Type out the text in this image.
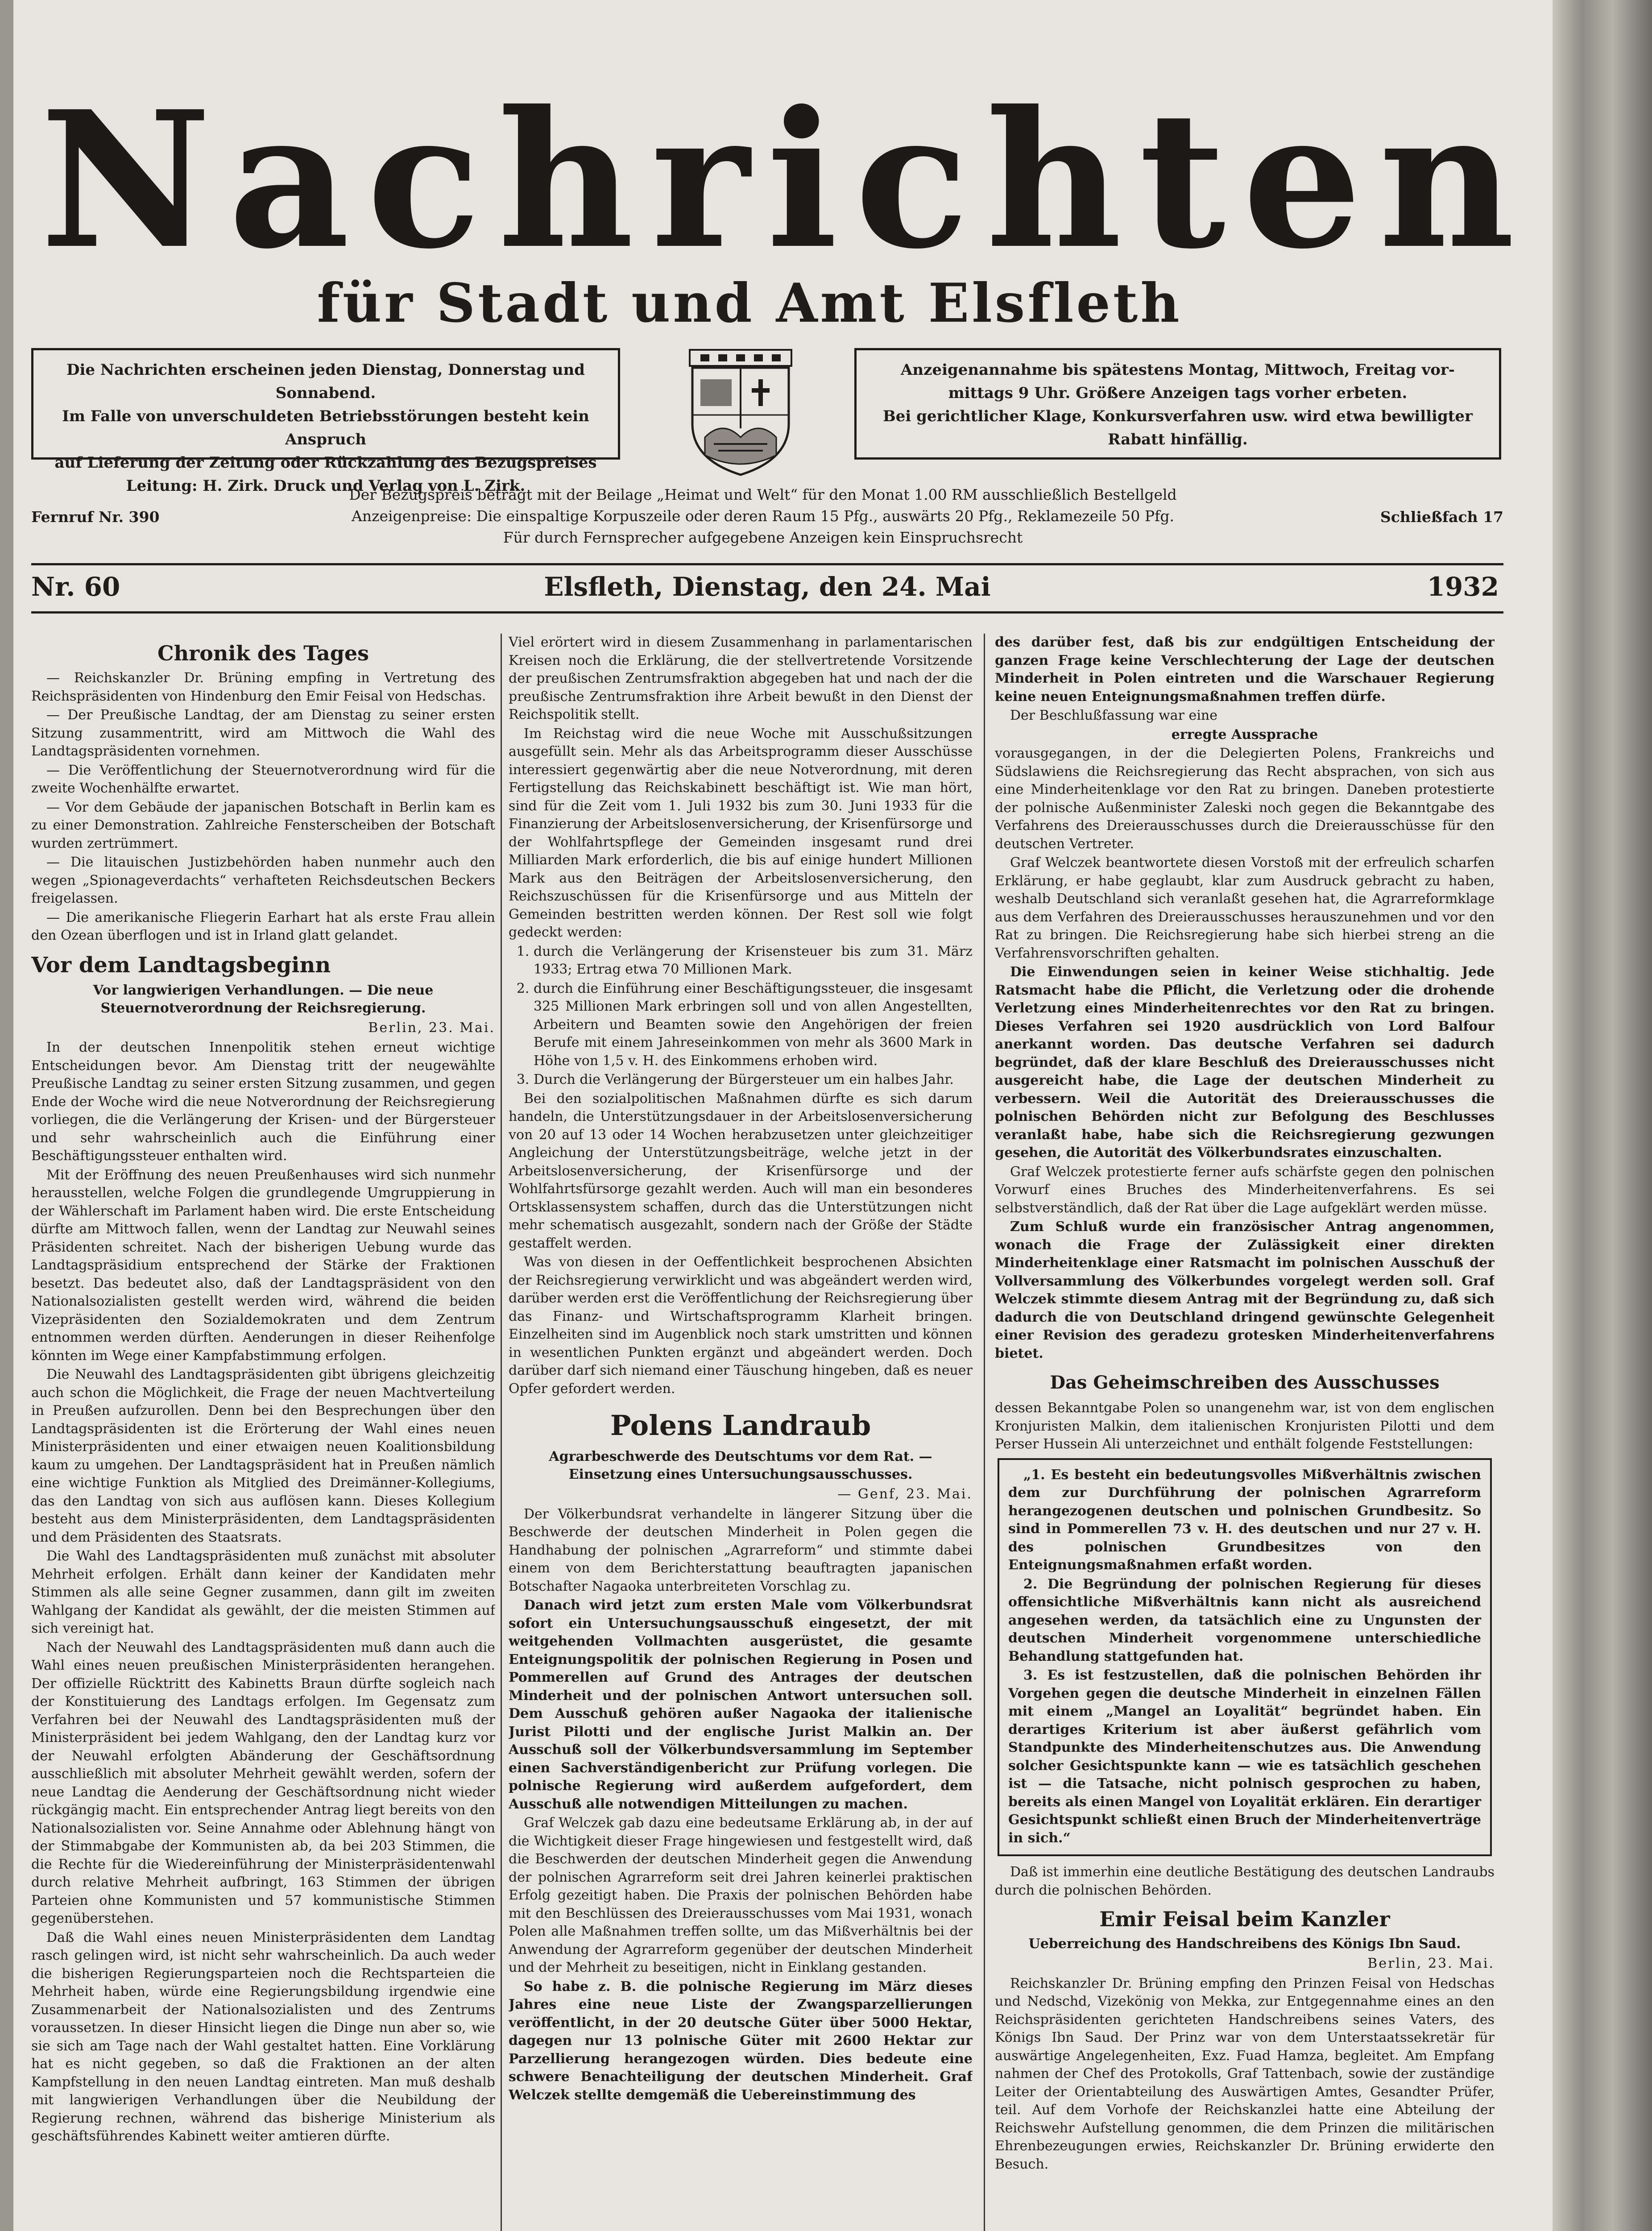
Nachrichten
für Stadt und Amt Elsfleth
Die Nachrichten erscheinen jeden Dienstag, Donnerstag und Sonnabend.
Im Falle von unverschuldeten Betriebsstörungen besteht kein Anspruch
auf Lieferung der Zeitung oder Rückzahlung des Bezugspreises
Leitung: H. Zirk. Druck und Verlag von L. Zirk.
Anzeigenannahme bis spätestens Montag, Mittwoch, Freitag vor-
mittags 9 Uhr. Größere Anzeigen tags vorher erbeten.
Bei gerichtlicher Klage, Konkursverfahren usw. wird etwa bewilligter
Rabatt hinfällig.
Der Bezugspreis beträgt mit der Beilage „Heimat und Welt“ für den Monat 1.00 RM ausschließlich Bestellgeld
Anzeigenpreise: Die einspaltige Korpuszeile oder deren Raum 15 Pfg., auswärts 20 Pfg., Reklamezeile 50 Pfg.
Für durch Fernsprecher aufgegebene Anzeigen kein Einspruchsrecht
Fernruf Nr. 390	Schließfach 17
Elsfleth, Dienstag, den 24. Mai
Nr. 60	1932
Chronik des Tages

— Reichskanzler Dr. Brüning empfing in Vertretung des Reichspräsidenten von Hindenburg den Emir Feisal von Hedschas.

— Der Preußische Landtag, der am Dienstag zu seiner ersten Sitzung zusammentritt, wird am Mittwoch die Wahl des Landtagspräsidenten vornehmen.

— Die Veröffentlichung der Steuernotverordnung wird für die zweite Wochenhälfte erwartet.

— Vor dem Gebäude der japanischen Botschaft in Berlin kam es zu einer Demonstration. Zahlreiche Fensterscheiben der Botschaft wurden zertrümmert.

— Die litauischen Justizbehörden haben nunmehr auch den wegen „Spionageverdachts“ verhafteten Reichsdeutschen Beckers freigelassen.

— Die amerikanische Fliegerin Earhart hat als erste Frau allein den Ozean überflogen und ist in Irland glatt gelandet.

Vor dem Landtagsbeginn
Vor langwierigen Verhandlungen. — Die neue Steuernotverordnung der Reichsregierung.
Berlin, 23. Mai.

In der deutschen Innenpolitik stehen erneut wichtige Entscheidungen bevor. Am Dienstag tritt der neugewählte Preußische Landtag zu seiner ersten Sitzung zusammen, und gegen Ende der Woche wird die neue Notverordnung der Reichsregierung vorliegen, die die Verlängerung der Krisen- und der Bürgersteuer und sehr wahrscheinlich auch die Einführung einer Beschäftigungssteuer enthalten wird.

Mit der Eröffnung des neuen Preußenhauses wird sich nunmehr herausstellen, welche Folgen die grundlegende Umgruppierung in der Wählerschaft im Parlament haben wird. Die erste Entscheidung dürfte am Mittwoch fallen, wenn der Landtag zur Neuwahl seines Präsidenten schreitet. Nach der bisherigen Uebung wurde das Landtagspräsidium entsprechend der Stärke der Fraktionen besetzt. Das bedeutet also, daß der Landtagspräsident von den Nationalsozialisten gestellt werden wird, während die beiden Vizepräsidenten den Sozialdemokraten und dem Zentrum entnommen werden dürften. Aenderungen in dieser Reihenfolge könnten im Wege einer Kampfabstimmung erfolgen.

Die Neuwahl des Landtagspräsidenten gibt übrigens gleichzeitig auch schon die Möglichkeit, die Frage der neuen Machtverteilung in Preußen aufzurollen. Denn bei den Besprechungen über den Landtagspräsidenten ist die Erörterung der Wahl eines neuen Ministerpräsidenten und einer etwaigen neuen Koalitionsbildung kaum zu umgehen. Der Landtagspräsident hat in Preußen nämlich eine wichtige Funktion als Mitglied des Dreimänner-Kollegiums, das den Landtag von sich aus auflösen kann. Dieses Kollegium besteht aus dem Ministerpräsidenten, dem Landtagspräsidenten und dem Präsidenten des Staatsrats.

Die Wahl des Landtagspräsidenten muß zunächst mit absoluter Mehrheit erfolgen. Erhält dann keiner der Kandidaten mehr Stimmen als alle seine Gegner zusammen, dann gilt im zweiten Wahlgang der Kandidat als gewählt, der die meisten Stimmen auf sich vereinigt hat.

Nach der Neuwahl des Landtagspräsidenten muß dann auch die Wahl eines neuen preußischen Ministerpräsidenten herangehen. Der offizielle Rücktritt des Kabinetts Braun dürfte sogleich nach der Konstituierung des Landtags erfolgen. Im Gegensatz zum Verfahren bei der Neuwahl des Landtagspräsidenten muß der Ministerpräsident bei jedem Wahlgang, den der Landtag kurz vor der Neuwahl erfolgten Abänderung der Geschäftsordnung ausschließlich mit absoluter Mehrheit gewählt werden, sofern der neue Landtag die Aenderung der Geschäftsordnung nicht wieder rückgängig macht. Ein entsprechender Antrag liegt bereits von den Nationalsozialisten vor. Seine Annahme oder Ablehnung hängt von der Stimmabgabe der Kommunisten ab, da bei 203 Stimmen, die die Rechte für die Wiedereinführung der Ministerpräsidentenwahl durch relative Mehrheit aufbringt, 163 Stimmen der übrigen Parteien ohne Kommunisten und 57 kommunistische Stimmen gegenüberstehen.

Daß die Wahl eines neuen Ministerpräsidenten dem Landtag rasch gelingen wird, ist nicht sehr wahrscheinlich. Da auch weder die bisherigen Regierungsparteien noch die Rechtsparteien die Mehrheit haben, würde eine Regierungsbildung irgendwie eine Zusammenarbeit der Nationalsozialisten und des Zentrums voraussetzen. In dieser Hinsicht liegen die Dinge nun aber so, wie sie sich am Tage nach der Wahl gestaltet hatten. Eine Vorklärung hat es nicht gegeben, so daß die Fraktionen an der alten Kampfstellung in den neuen Landtag eintreten. Man muß deshalb mit langwierigen Verhandlungen über die Neubildung der Regierung rechnen, während das bisherige Ministerium als geschäftsführendes Kabinett weiter amtieren dürfte.

Viel erörtert wird in diesem Zusammenhang in parlamentarischen Kreisen noch die Erklärung, die der stellvertretende Vorsitzende der preußischen Zentrumsfraktion abgegeben hat und nach der die preußische Zentrumsfraktion ihre Arbeit bewußt in den Dienst der Reichspolitik stellt.

Im Reichstag wird die neue Woche mit Ausschußsitzungen ausgefüllt sein. Mehr als das Arbeitsprogramm dieser Ausschüsse interessiert gegenwärtig aber die neue Notverordnung, mit deren Fertigstellung das Reichskabinett beschäftigt ist. Wie man hört, sind für die Zeit vom 1. Juli 1932 bis zum 30. Juni 1933 für die Finanzierung der Arbeitslosenversicherung, der Krisenfürsorge und der Wohlfahrtspflege der Gemeinden insgesamt rund drei Milliarden Mark erforderlich, die bis auf einige hundert Millionen Mark aus den Beiträgen der Arbeitslosenversicherung, den Reichszuschüssen für die Krisenfürsorge und aus Mitteln der Gemeinden bestritten werden können. Der Rest soll wie folgt gedeckt werden:

1. durch die Verlängerung der Krisensteuer bis zum 31. März 1933; Ertrag etwa 70 Millionen Mark.
2. durch die Einführung einer Beschäftigungssteuer, die insgesamt 325 Millionen Mark erbringen soll und von allen Angestellten, Arbeitern und Beamten sowie den Angehörigen der freien Berufe mit einem Jahreseinkommen von mehr als 3600 Mark in Höhe von 1,5 v. H. des Einkommens erhoben wird.
3. Durch die Verlängerung der Bürgersteuer um ein halbes Jahr.

Bei den sozialpolitischen Maßnahmen dürfte es sich darum handeln, die Unterstützungsdauer in der Arbeitslosenversicherung von 20 auf 13 oder 14 Wochen herabzusetzen unter gleichzeitiger Angleichung der Unterstützungsbeiträge, welche jetzt in der Arbeitslosenversicherung, der Krisenfürsorge und der Wohlfahrtsfürsorge gezahlt werden. Auch will man ein besonderes Ortsklassensystem schaffen, durch das die Unterstützungen nicht mehr schematisch ausgezahlt, sondern nach der Größe der Städte gestaffelt werden.

Was von diesen in der Oeffentlichkeit besprochenen Absichten der Reichsregierung verwirklicht und was abgeändert werden wird, darüber werden erst die Veröffentlichung der Reichsregierung über das Finanz- und Wirtschaftsprogramm Klarheit bringen. Einzelheiten sind im Augenblick noch stark umstritten und können in wesentlichen Punkten ergänzt und abgeändert werden. Doch darüber darf sich niemand einer Täuschung hingeben, daß es neuer Opfer gefordert werden.

Polens Landraub
Agrarbeschwerde des Deutschtums vor dem Rat. — Einsetzung eines Untersuchungsausschusses.
— Genf, 23. Mai.

Der Völkerbundsrat verhandelte in längerer Sitzung über die Beschwerde der deutschen Minderheit in Polen gegen die Handhabung der polnischen „Agrarreform“ und stimmte dabei einem von dem Berichterstattung beauftragten japanischen Botschafter Nagaoka unterbreiteten Vorschlag zu.

Danach wird jetzt zum ersten Male vom Völkerbundsrat sofort ein Untersuchungsausschuß eingesetzt, der mit weitgehenden Vollmachten ausgerüstet, die gesamte Enteignungspolitik der polnischen Regierung in Posen und Pommerellen auf Grund des Antrages der deutschen Minderheit und der polnischen Antwort untersuchen soll. Dem Ausschuß gehören außer Nagaoka der italienische Jurist Pilotti und der englische Jurist Malkin an. Der Ausschuß soll der Völkerbundsversammlung im September einen Sachverständigenbericht zur Prüfung vorlegen. Die polnische Regierung wird außerdem aufgefordert, dem Ausschuß alle notwendigen Mitteilungen zu machen.

Graf Welczek gab dazu eine bedeutsame Erklärung ab, in der auf die Wichtigkeit dieser Frage hingewiesen und festgestellt wird, daß die Beschwerden der deutschen Minderheit gegen die Anwendung der polnischen Agrarreform seit drei Jahren keinerlei praktischen Erfolg gezeitigt haben. Die Praxis der polnischen Behörden habe mit den Beschlüssen des Dreierausschusses vom Mai 1931, wonach Polen alle Maßnahmen treffen sollte, um das Mißverhältnis bei der Anwendung der Agrarreform gegenüber der deutschen Minderheit und der Mehrheit zu beseitigen, nicht in Einklang gestanden.

So habe z. B. die polnische Regierung im März dieses Jahres eine neue Liste der Zwangsparzellierungen veröffentlicht, in der 20 deutsche Güter über 5000 Hektar, dagegen nur 13 polnische Güter mit 2600 Hektar zur Parzellierung herangezogen würden. Dies bedeute eine schwere Benachteiligung der deutschen Minderheit. Graf Welczek stellte demgemäß die Uebereinstimmung des

des darüber fest, daß bis zur endgültigen Entscheidung der ganzen Frage keine Verschlechterung der Lage der deutschen Minderheit in Polen eintreten und die Warschauer Regierung keine neuen Enteignungsmaßnahmen treffen dürfe.

Der Beschlußfassung war eine

erregte Aussprache

vorausgegangen, in der die Delegierten Polens, Frankreichs und Südslawiens die Reichsregierung das Recht absprachen, von sich aus eine Minderheitenklage vor den Rat zu bringen. Daneben protestierte der polnische Außenminister Zaleski noch gegen die Bekanntgabe des Verfahrens des Dreierausschusses durch die Dreierausschüsse für den deutschen Vertreter.

Graf Welczek beantwortete diesen Vorstoß mit der erfreulich scharfen Erklärung, er habe geglaubt, klar zum Ausdruck gebracht zu haben, weshalb Deutschland sich veranlaßt gesehen hat, die Agrarreformklage aus dem Verfahren des Dreierausschusses herauszunehmen und vor den Rat zu bringen. Die Reichsregierung habe sich hierbei streng an die Verfahrensvorschriften gehalten.

Die Einwendungen seien in keiner Weise stichhaltig. Jede Ratsmacht habe die Pflicht, die Verletzung oder die drohende Verletzung eines Minderheitenrechtes vor den Rat zu bringen. Dieses Verfahren sei 1920 ausdrücklich von Lord Balfour anerkannt worden. Das deutsche Verfahren sei dadurch begründet, daß der klare Beschluß des Dreierausschusses nicht ausgereicht habe, die Lage der deutschen Minderheit zu verbessern. Weil die Autorität des Dreierausschusses die polnischen Behörden nicht zur Befolgung des Beschlusses veranlaßt habe, habe sich die Reichsregierung gezwungen gesehen, die Autorität des Völkerbundsrates einzuschalten.

Graf Welczek protestierte ferner aufs schärfste gegen den polnischen Vorwurf eines Bruches des Minderheitenverfahrens. Es sei selbstverständlich, daß der Rat über die Lage aufgeklärt werden müsse.

Zum Schluß wurde ein französischer Antrag angenommen, wonach die Frage der Zulässigkeit einer direkten Minderheitenklage einer Ratsmacht im polnischen Ausschuß der Vollversammlung des Völkerbundes vorgelegt werden soll. Graf Welczek stimmte diesem Antrag mit der Begründung zu, daß sich dadurch die von Deutschland dringend gewünschte Gelegenheit einer Revision des geradezu grotesken Minderheitenverfahrens bietet.

Das Geheimschreiben des Ausschusses

dessen Bekanntgabe Polen so unangenehm war, ist von dem englischen Kronjuristen Malkin, dem italienischen Kronjuristen Pilotti und dem Perser Hussein Ali unterzeichnet und enthält folgende Feststellungen:

„1. Es besteht ein bedeutungsvolles Mißverhältnis zwischen dem zur Durchführung der polnischen Agrarreform herangezogenen deutschen und polnischen Grundbesitz. So sind in Pommerellen 73 v. H. des deutschen und nur 27 v. H. des polnischen Grundbesitzes von den Enteignungsmaßnahmen erfaßt worden.

2. Die Begründung der polnischen Regierung für dieses offensichtliche Mißverhältnis kann nicht als ausreichend angesehen werden, da tatsächlich eine zu Ungunsten der deutschen Minderheit vorgenommene unterschiedliche Behandlung stattgefunden hat.

3. Es ist festzustellen, daß die polnischen Behörden ihr Vorgehen gegen die deutsche Minderheit in einzelnen Fällen mit einem „Mangel an Loyalität“ begründet haben. Ein derartiges Kriterium ist aber äußerst gefährlich vom Standpunkte des Minderheitenschutzes aus. Die Anwendung solcher Gesichtspunkte kann — wie es tatsächlich geschehen ist — die Tatsache, nicht polnisch gesprochen zu haben, bereits als einen Mangel von Loyalität erklären. Ein derartiger Gesichtspunkt schließt einen Bruch der Minderheitenverträge in sich.“

Daß ist immerhin eine deutliche Bestätigung des deutschen Landraubs durch die polnischen Behörden.

Emir Feisal beim Kanzler
Ueberreichung des Handschreibens des Königs Ibn Saud.
Berlin, 23. Mai.

Reichskanzler Dr. Brüning empfing den Prinzen Feisal von Hedschas und Nedschd, Vizekönig von Mekka, zur Entgegennahme eines an den Reichspräsidenten gerichteten Handschreibens seines Vaters, des Königs Ibn Saud. Der Prinz war von dem Unterstaatssekretär für auswärtige Angelegenheiten, Exz. Fuad Hamza, begleitet. Am Empfang nahmen der Chef des Protokolls, Graf Tattenbach, sowie der zuständige Leiter der Orientabteilung des Auswärtigen Amtes, Gesandter Prüfer, teil. Auf dem Vorhofe der Reichskanzlei hatte eine Abteilung der Reichswehr Aufstellung genommen, die dem Prinzen die militärischen Ehrenbezeugungen erwies, Reichskanzler Dr. Brüning erwiderte den Besuch.
